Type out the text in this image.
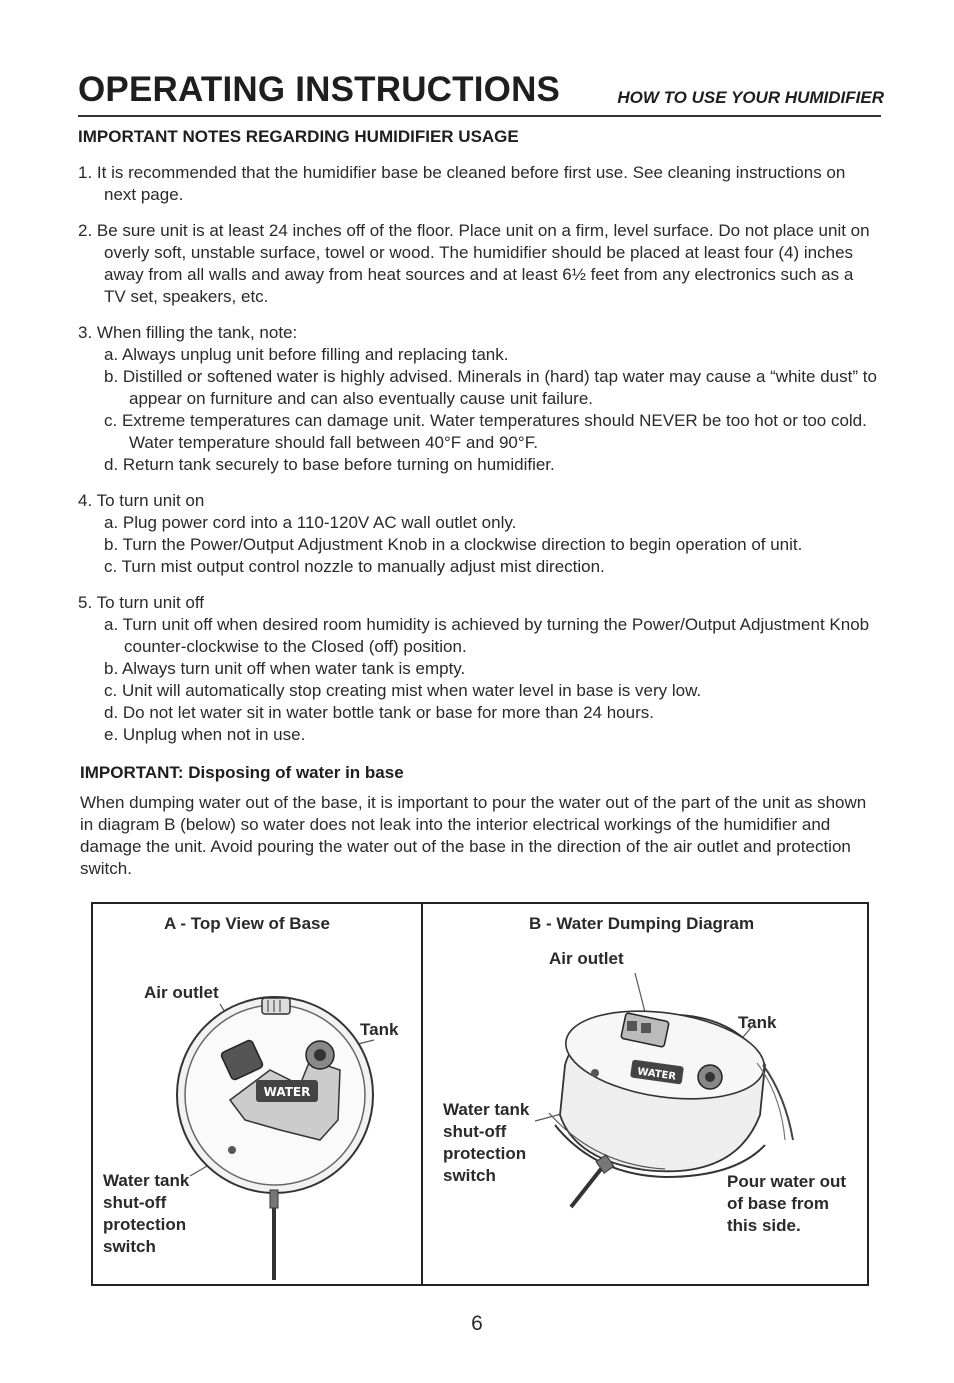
OPERATING INSTRUCTIONS	HOW TO USE YOUR HUMIDIFIER
IMPORTANT NOTES REGARDING HUMIDIFIER USAGE
1. It is recommended that the humidifier base be cleaned before first use. See cleaning instructions on next page.
2. Be sure unit is at least 24 inches off of the floor. Place unit on a firm, level surface. Do not place unit on overly soft, unstable surface, towel or wood. The humidifier should be placed at least four (4) inches away from all walls and away from heat sources and at least 6½ feet from any electronics such as a TV set, speakers, etc.
3. When filling the tank, note:
a. Always unplug unit before filling and replacing tank.
b. Distilled or softened water is highly advised. Minerals in (hard) tap water may cause a “white dust” to appear on furniture and can also eventually cause unit failure.
c. Extreme temperatures can damage unit. Water temperatures should NEVER be too hot or too cold. Water temperature should fall between 40°F and 90°F.
d. Return tank securely to base before turning on humidifier.
4. To turn unit on
a. Plug power cord into a 110-120V AC wall outlet only.
b. Turn the Power/Output Adjustment Knob in a clockwise direction to begin operation of unit.
c. Turn mist output control nozzle to manually adjust mist direction.
5. To turn unit off
a. Turn unit off when desired room humidity is achieved by turning the Power/Output Adjustment Knob counter-clockwise to the Closed (off) position.
b. Always turn unit off when water tank is empty.
c. Unit will automatically stop creating mist when water level in base is very low.
d. Do not let water sit in water bottle tank or base for more than 24 hours.
e. Unplug when not in use.
IMPORTANT: Disposing of water in base
When dumping water out of the base, it is important to pour the water out of the part of the unit as shown in diagram B (below) so water does not leak into the interior electrical workings of the humidifier and damage the unit. Avoid pouring the water out of the base in the direction of the air outlet and protection switch.
A - Top View of Base
Air outlet
Tank
Water tank
shut-off
protection
switch
WATER
B - Water Dumping Diagram
Air outlet
Tank
Water tank
shut-off
protection
switch	Pour water out
of base from
this side.
WATER
6
